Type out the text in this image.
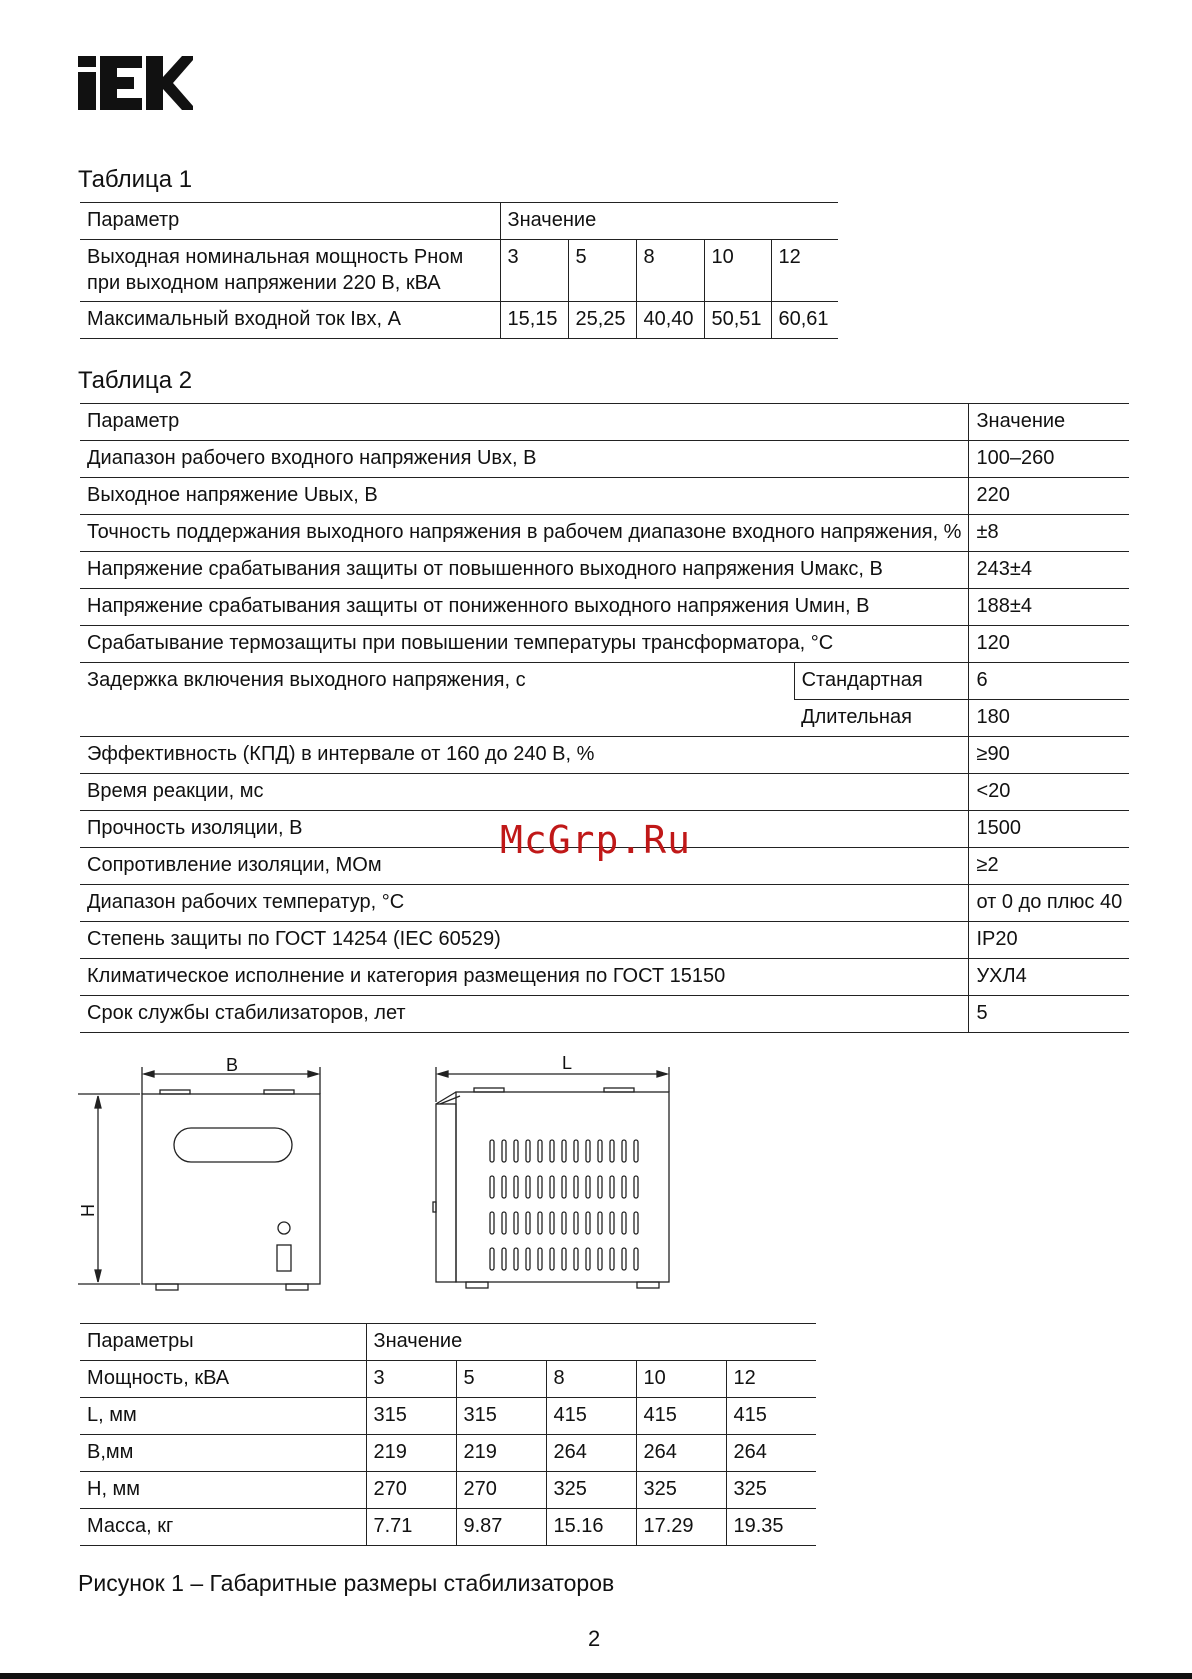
Таблица 1
Параметр	Значение				
Выходная номинальная мощность Рном
при выходном напряжении 220 В, кВА	3	5	8	10	12
Максимальный входной ток Iвх, А	15,15	25,25	40,40	50,51	60,61
Таблица 2
Параметр		Значение
Диапазон рабочего входного напряжения Uвх, В		100–260
Выходное напряжение Uвых, В		220
Точность поддержания выходного напряжения в рабочем диапазоне входного напряжения, %		±8
Напряжение срабатывания защиты от повышенного выходного напряжения Uмакс, В		243±4
Напряжение срабатывания защиты от пониженного выходного напряжения Uмин, В		188±4
Срабатывание термозащиты при повышении температуры трансформатора, °С		120
Задержка включения выходного напряжения, с	Стандартная	6
	Длительная	180
Эффективность (КПД) в интервале от 160 до 240 В, %		≥90
Время реакции, мс		<20
Прочность изоляции, В		1500
Сопротивление изоляции, МОм		≥2
Диапазон рабочих температур, °С		от 0 до плюс 40
Степень защиты по ГОСТ 14254 (IEC 60529)		IP20
Климатическое исполнение и категория размещения по ГОСТ 15150		УХЛ4
Срок службы стабилизаторов, лет		5
McGrp.Ru
B	L
H
Параметры	Значение				
Мощность, кВА	3	5	8	10	12
L, мм	315	315	415	415	415
В,мм	219	219	264	264	264
Н, мм	270	270	325	325	325
Масса, кг	7.71	9.87	15.16	17.29	19.35
Рисунок 1 – Габаритные размеры стабилизаторов
2
